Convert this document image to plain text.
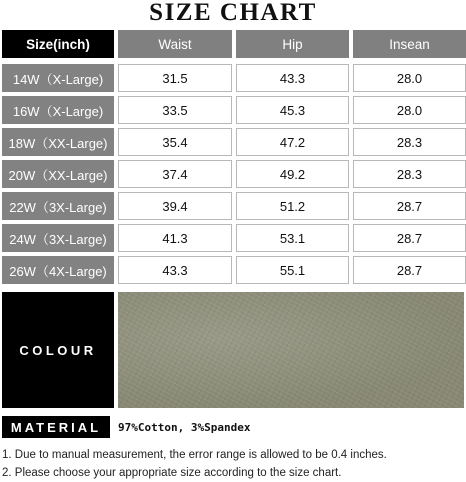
SIZE CHART
Size(inch)	Waist	Hip	Insean
14W（X-Large)	31.5	43.3	28.0
16W（X-Large)	33.5	45.3	28.0
18W（XX-Large)	35.4	47.2	28.3
20W（XX-Large)	37.4	49.2	28.3
22W（3X-Large)	39.4	51.2	28.7
24W（3X-Large)	41.3	53.1	28.7
26W（4X-Large)	43.3	55.1	28.7
COLOUR
MATERIAL	97%Cotton, 3%Spandex
1. Due to manual measurement, the error range is allowed to be 0.4 inches.
2. Please choose your appropriate size according to the size chart.
